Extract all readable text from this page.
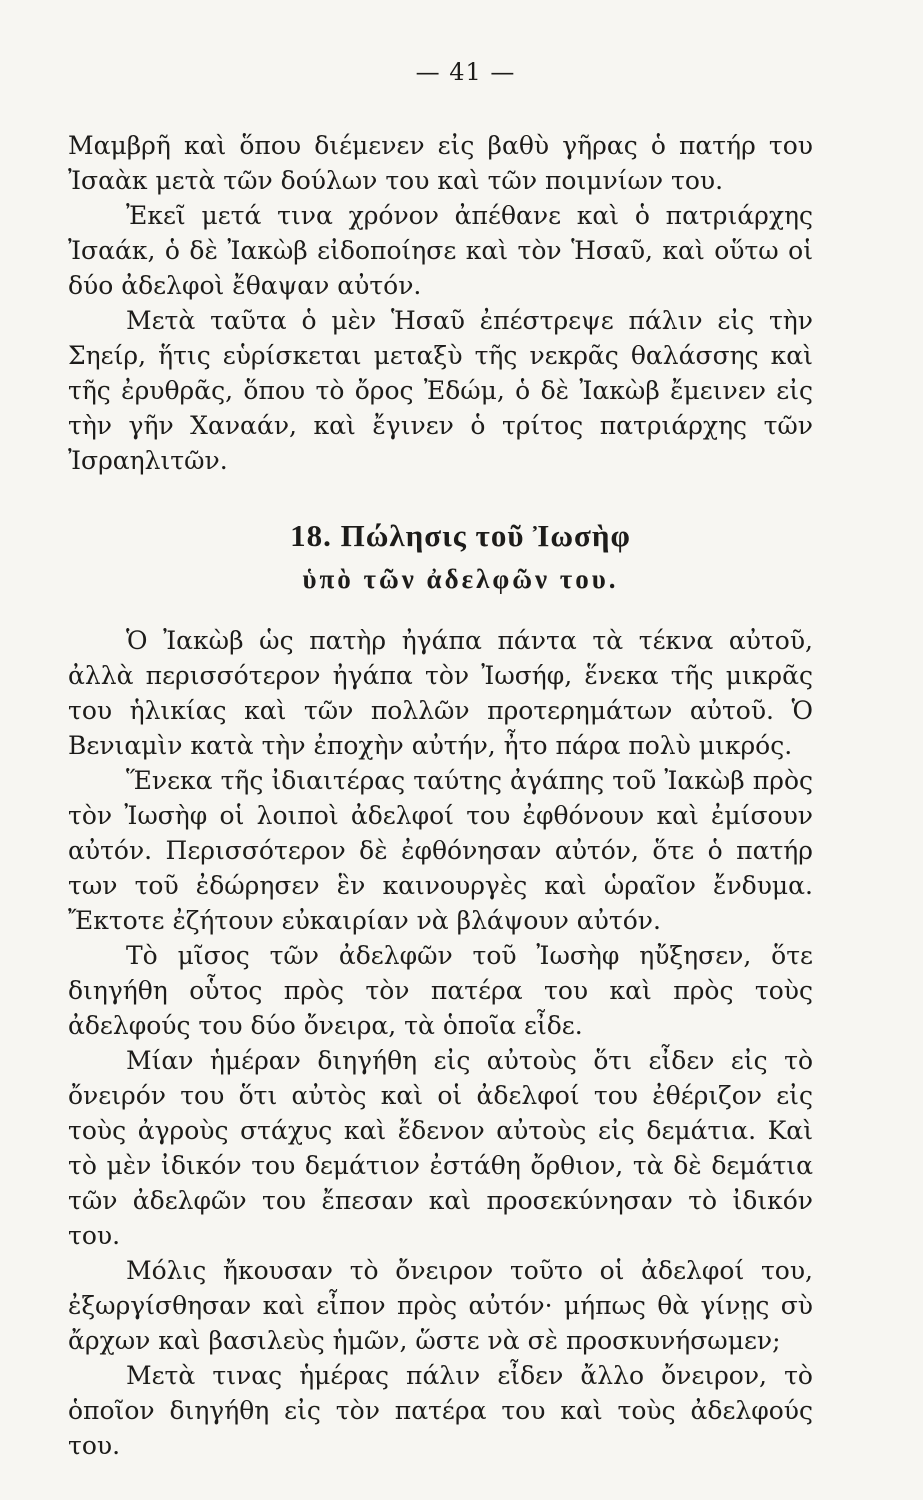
— 41 —

Μαμβρῆ καὶ ὅπου διέμενεν εἰς βαθὺ γῆρας ὁ πατήρ του Ἰσαὰκ μετὰ τῶν δούλων του καὶ τῶν ποιμνίων του.

Ἐκεῖ μετά τινα χρόνον ἀπέθανε καὶ ὁ πατριάρχης Ἰσαάκ, ὁ δὲ Ἰακὼβ εἰδοποίησε καὶ τὸν Ἡσαῦ, καὶ οὕτω οἱ δύο ἀδελφοὶ ἔθαψαν αὐτόν.

Μετὰ ταῦτα ὁ μὲν Ἡσαῦ ἐπέστρεψε πάλιν εἰς τὴν Σηείρ, ἥτις εὑρίσκεται μεταξὺ τῆς νεκρᾶς θαλάσσης καὶ τῆς ἐρυθρᾶς, ὅπου τὸ ὄρος Ἐδώμ, ὁ δὲ Ἰακὼβ ἔμεινεν εἰς τὴν γῆν Χαναάν, καὶ ἔγινεν ὁ τρίτος πατριάρχης τῶν Ἰσραηλιτῶν.

18. Πώλησις τοῦ Ἰωσὴφ
ὑπὸ τῶν ἀδελφῶν του.

Ὁ Ἰακὼβ ὡς πατὴρ ἠγάπα πάντα τὰ τέκνα αὐτοῦ, ἀλλὰ περισσότερον ἠγάπα τὸν Ἰωσήφ, ἕνεκα τῆς μικρᾶς του ἡλικίας καὶ τῶν πολλῶν προτερημάτων αὐτοῦ. Ὁ Βενιαμὶν κατὰ τὴν ἐποχὴν αὐτήν, ἦτο πάρα πολὺ μικρός.

Ἕνεκα τῆς ἰδιαιτέρας ταύτης ἀγάπης τοῦ Ἰακὼβ πρὸς τὸν Ἰωσὴφ οἱ λοιποὶ ἀδελφοί του ἐφθόνουν καὶ ἐμίσουν αὐτόν. Περισσότερον δὲ ἐφθόνησαν αὐτόν, ὅτε ὁ πατήρ των τοῦ ἐδώρησεν ἓν καινουργὲς καὶ ὡραῖον ἔνδυμα. Ἔκτοτε ἐζήτουν εὐκαιρίαν νὰ βλάψουν αὐτόν.

Τὸ μῖσος τῶν ἀδελφῶν τοῦ Ἰωσὴφ ηὔξησεν, ὅτε διηγήθη οὗτος πρὸς τὸν πατέρα του καὶ πρὸς τοὺς ἀδελφούς του δύο ὄνειρα, τὰ ὁποῖα εἶδε.

Μίαν ἡμέραν διηγήθη εἰς αὐτοὺς ὅτι εἶδεν εἰς τὸ ὄνειρόν του ὅτι αὐτὸς καὶ οἱ ἀδελφοί του ἐθέριζον εἰς τοὺς ἀγροὺς στάχυς καὶ ἔδενον αὐτοὺς εἰς δεμάτια. Καὶ τὸ μὲν ἰδικόν του δεμάτιον ἐστάθη ὄρθιον, τὰ δὲ δεμάτια τῶν ἀδελφῶν του ἔπεσαν καὶ προσεκύνησαν τὸ ἰδικόν του.

Μόλις ἤκουσαν τὸ ὄνειρον τοῦτο οἱ ἀδελφοί του, ἐξωργίσθησαν καὶ εἶπον πρὸς αὐτόν· μήπως θὰ γίνῃς σὺ ἄρχων καὶ βασιλεὺς ἡμῶν, ὥστε νὰ σὲ προσκυνήσωμεν;

Μετὰ τινας ἡμέρας πάλιν εἶδεν ἄλλο ὄνειρον, τὸ ὁποῖον διηγήθη εἰς τὸν πατέρα του καὶ τοὺς ἀδελφούς του.
